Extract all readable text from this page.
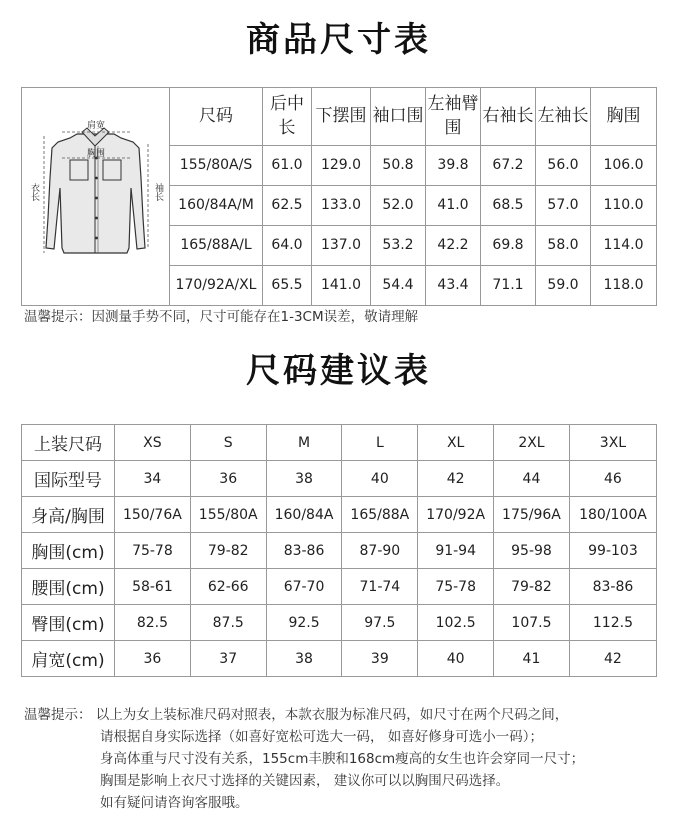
商品尺寸表
肩宽
胸围
衣长 袖长	尺码	后中长	下摆围	袖口围	左袖臂围	右袖长	左袖长	胸围
	155/80A/S	61.0	129.0	50.8	39.8	67.2	56.0	106.0
	160/84A/M	62.5	133.0	52.0	41.0	68.5	57.0	110.0
	165/88A/L	64.0	137.0	53.2	42.2	69.8	58.0	114.0
	170/92A/XL	65.5	141.0	54.4	43.4	71.1	59.0	118.0
温馨提示：因测量手势不同，尺寸可能存在1-3CM误差，敬请理解
尺码建议表
上装尺码	XS	S	M	L	XL	2XL	3XL
国际型号	34	36	38	40	42	44	46
身高/胸围	150/76A	155/80A	160/84A	165/88A	170/92A	175/96A	180/100A
胸围(cm)	75-78	79-82	83-86	87-90	91-94	95-98	99-103
腰围(cm)	58-61	62-66	67-70	71-74	75-78	79-82	83-86
臀围(cm)	82.5	87.5	92.5	97.5	102.5	107.5	112.5
肩宽(cm)	36	37	38	39	40	41	42
温馨提示： 以上为女上装标准尺码对照表，本款衣服为标准尺码，如尺寸在两个尺码之间，
请根据自身实际选择（如喜好宽松可选大一码， 如喜好修身可选小一码）；
身高体重与尺寸没有关系，155cm丰腴和168cm瘦高的女生也许会穿同一尺寸；
胸围是影响上衣尺寸选择的关键因素， 建议你可以以胸围尺码选择。
如有疑问请咨询客服哦。
